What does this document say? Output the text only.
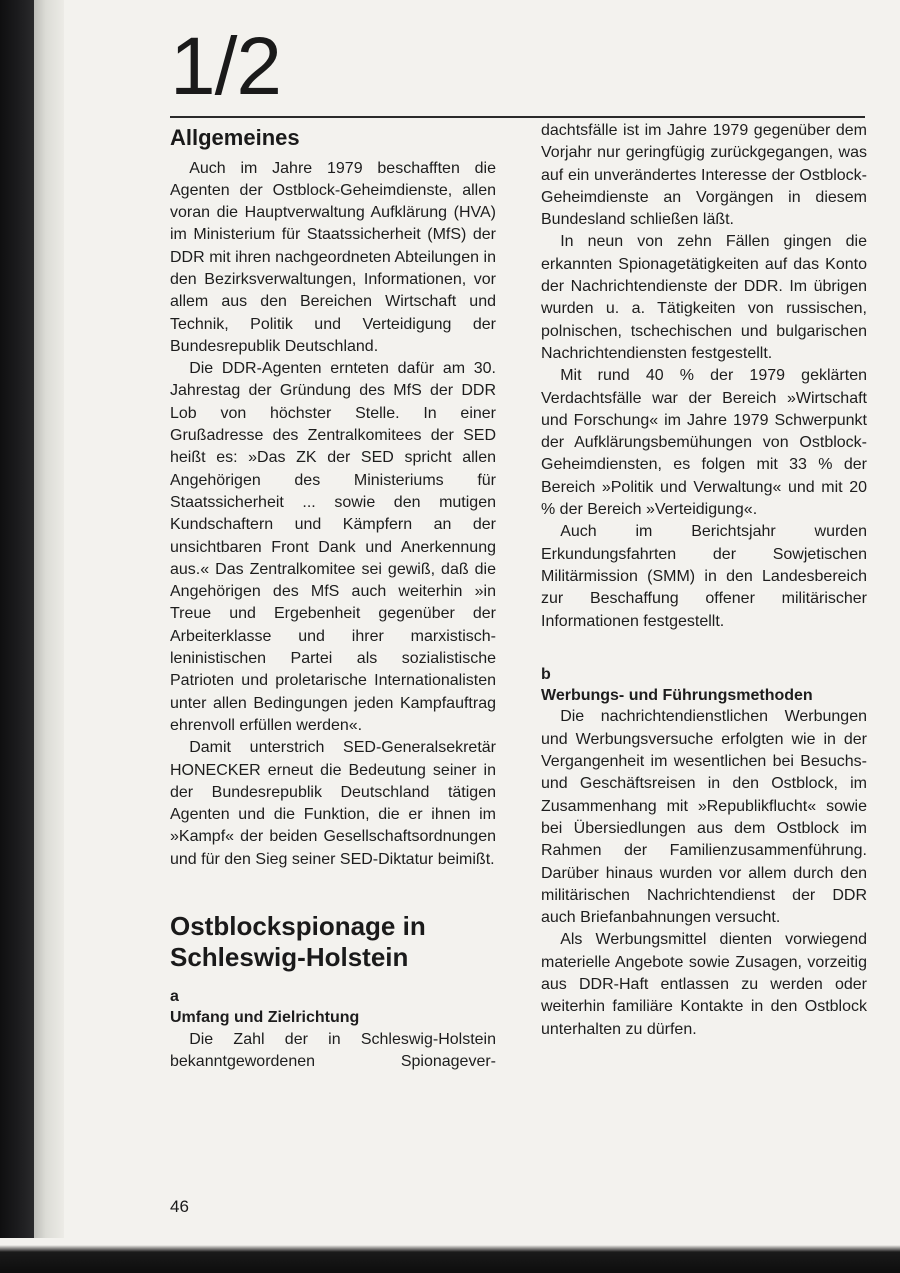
1/2
Allgemeines

Auch im Jahre 1979 beschafften die Agenten der Ostblock-Geheimdienste, allen voran die Hauptverwaltung Aufklärung (HVA) im Ministerium für Staatssicherheit (MfS) der DDR mit ihren nachgeordneten Abteilungen in den Bezirksverwaltungen, Informationen, vor allem aus den Bereichen Wirtschaft und Technik, Politik und Verteidigung der Bundesrepublik Deutschland.

Die DDR-Agenten ernteten dafür am 30. Jahrestag der Gründung des MfS der DDR Lob von höchster Stelle. In einer Grußadresse des Zentralkomitees der SED heißt es: »Das ZK der SED spricht allen Angehörigen des Ministeriums für Staatssicherheit ... sowie den mutigen Kundschaftern und Kämpfern an der unsichtbaren Front Dank und Anerkennung aus.« Das Zentralkomitee sei gewiß, daß die Angehörigen des MfS auch weiterhin »in Treue und Ergebenheit gegenüber der Arbeiterklasse und ihrer marxistisch-leninistischen Partei als sozialistische Patrioten und proletarische Internationalisten unter allen Bedingungen jeden Kampfauftrag ehrenvoll erfüllen werden«.

Damit unterstrich SED-Generalsekretär HONECKER erneut die Bedeutung seiner in der Bundesrepublik Deutschland tätigen Agenten und die Funktion, die er ihnen im »Kampf« der beiden Gesellschaftsordnungen und für den Sieg seiner SED-Diktatur beimißt.

Ostblockspionage in Schleswig-Holstein
a
Umfang und Zielrichtung

Die Zahl der in Schleswig-Holstein bekanntgewordenen Spionagever-

dachtsfälle ist im Jahre 1979 gegenüber dem Vorjahr nur geringfügig zurückgegangen, was auf ein unverändertes Interesse der Ostblock-Geheimdienste an Vorgängen in diesem Bundesland schließen läßt.

In neun von zehn Fällen gingen die erkannten Spionagetätigkeiten auf das Konto der Nachrichtendienste der DDR. Im übrigen wurden u. a. Tätigkeiten von russischen, polnischen, tschechischen und bulgarischen Nachrichtendiensten festgestellt.

Mit rund 40 % der 1979 geklärten Verdachtsfälle war der Bereich »Wirtschaft und Forschung« im Jahre 1979 Schwerpunkt der Aufklärungsbemühungen von Ostblock-Geheimdiensten, es folgen mit 33 % der Bereich »Politik und Verwaltung« und mit 20 % der Bereich »Verteidigung«.

Auch im Berichtsjahr wurden Erkundungsfahrten der Sowjetischen Militärmission (SMM) in den Landesbereich zur Beschaffung offener militärischer Informationen festgestellt.

b
Werbungs- und Führungsmethoden

Die nachrichtendienstlichen Werbungen und Werbungsversuche erfolgten wie in der Vergangenheit im wesentlichen bei Besuchs- und Geschäftsreisen in den Ostblock, im Zusammenhang mit »Republikflucht« sowie bei Übersiedlungen aus dem Ostblock im Rahmen der Familienzusammenführung. Darüber hinaus wurden vor allem durch den militärischen Nachrichtendienst der DDR auch Briefanbahnungen versucht.

Als Werbungsmittel dienten vorwiegend materielle Angebote sowie Zusagen, vorzeitig aus DDR-Haft entlassen zu werden oder weiterhin familiäre Kontakte in den Ostblock unterhalten zu dürfen.

46
